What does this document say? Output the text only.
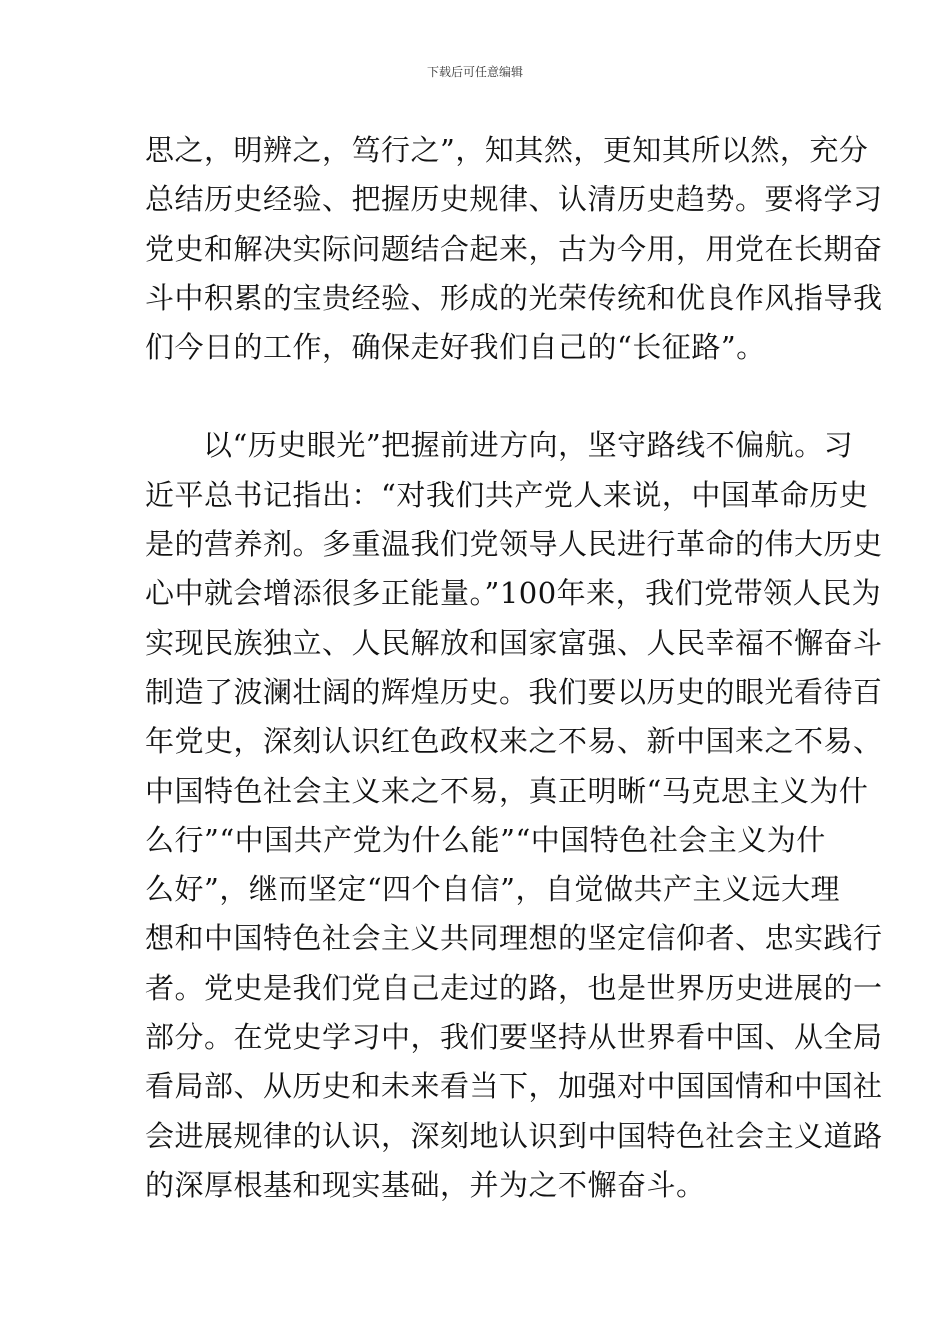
下载后可任意编辑
思之，明辨之，笃行之”，知其然，更知其所以然，充分
总结历史经验、把握历史规律、认清历史趋势。要将学习
党史和解决实际问题结合起来，古为今用，用党在长期奋
斗中积累的宝贵经验、形成的光荣传统和优良作风指导我
们今日的工作，确保走好我们自己的“长征路”。
以“历史眼光”把握前进方向，坚守路线不偏航。习
近平总书记指出：“对我们共产党人来说，中国革命历史
是的营养剂。多重温我们党领导人民进行革命的伟大历史
心中就会增添很多正能量。”100年来，我们党带领人民为
实现民族独立、人民解放和国家富强、人民幸福不懈奋斗
制造了波澜壮阔的辉煌历史。我们要以历史的眼光看待百
年党史，深刻认识红色政权来之不易、新中国来之不易、
中国特色社会主义来之不易，真正明晰“马克思主义为什
么行”“中国共产党为什么能”“中国特色社会主义为什
么好”，继而坚定“四个自信”，自觉做共产主义远大理
想和中国特色社会主义共同理想的坚定信仰者、忠实践行
者。党史是我们党自己走过的路，也是世界历史进展的一
部分。在党史学习中，我们要坚持从世界看中国、从全局
看局部、从历史和未来看当下，加强对中国国情和中国社
会进展规律的认识，深刻地认识到中国特色社会主义道路
的深厚根基和现实基础，并为之不懈奋斗。
